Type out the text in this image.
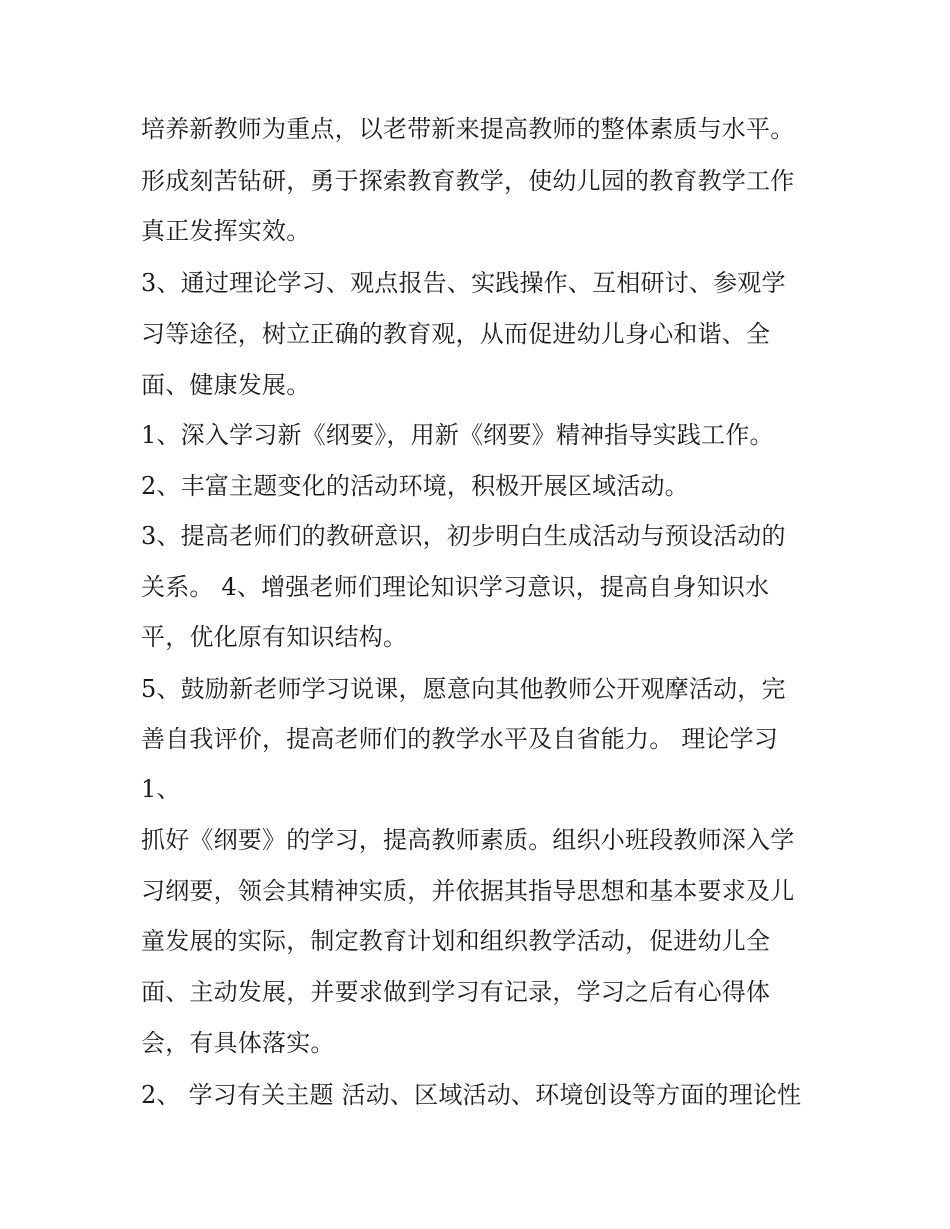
培养新教师为重点，以老带新来提高教师的整体素质与水平。
形成刻苦钻研，勇于探索教育教学，使幼儿园的教育教学工作
真正发挥实效。
3、通过理论学习、观点报告、实践操作、互相研讨、参观学
习等途径，树立正确的教育观，从而促进幼儿身心和谐、全
面、健康发展。
1、深入学习新《纲要》，用新《纲要》精神指导实践工作。
2、丰富主题变化的活动环境，积极开展区域活动。
3、提高老师们的教研意识，初步明白生成活动与预设活动的
关系。 4、增强老师们理论知识学习意识，提高自身知识水
平，优化原有知识结构。
5、鼓励新老师学习说课，愿意向其他教师公开观摩活动，完
善自我评价，提高老师们的教学水平及自省能力。 理论学习
1、
抓好《纲要》的学习，提高教师素质。组织小班段教师深入学
习纲要，领会其精神实质，并依据其指导思想和基本要求及儿
童发展的实际，制定教育计划和组织教学活动，促进幼儿全
面、主动发展，并要求做到学习有记录，学习之后有心得体
会，有具体落实。
2、 学习有关主题 活动、区域活动、环境创设等方面的理论性
